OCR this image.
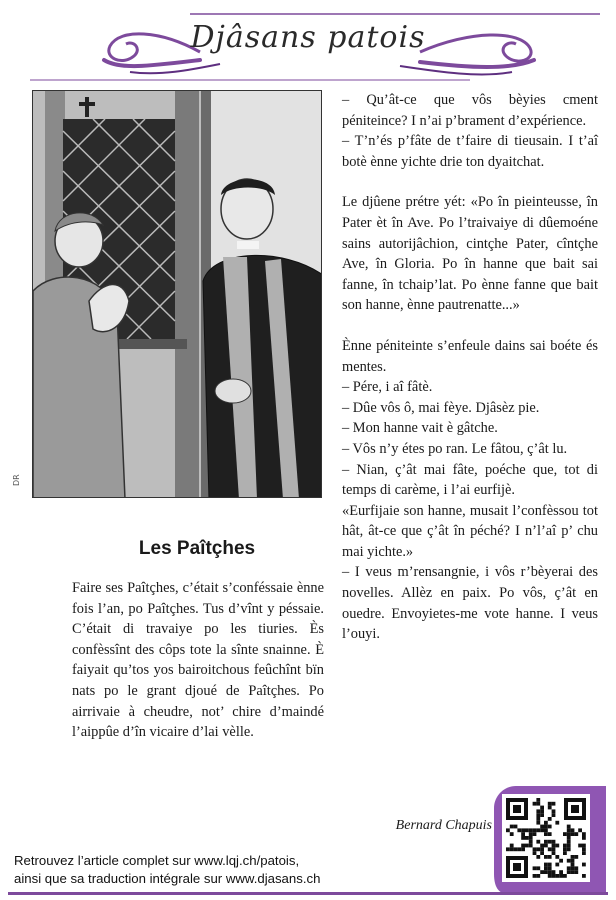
Djâsans patois
DR
Les Paîtçhes

Faire ses Paîtçhes, c’était s’conféssaie ènne fois l’an, po Paîtçhes. Tus d’vînt y péssaie. C’était di travaiye po les tiuries. Ès confèssînt des côps tote la sînte snainne. È faiyait qu’tos yos bairoitchous feûchînt bïn nats po le grant djoué de Paîtçhes. Po airrivaie à cheudre, not’ chire d’maindé l’aippûe d’în vicaire d’lai vèlle.

– Qu’ât-ce que vôs bèyies cment péniteince? I n’ai p’brament d’expérience.

– T’n’és p’fâte de t’faire di tieusain. I t’aî botè ènne yichte drie ton dyaitchat.

Le djûene prétre yét: «Po în pieinteusse, în Pater èt în Ave. Po l’traivaiye di dûemoéne sains autorijâchion, cintçhe Pater, cîntçhe Ave, în Gloria. Po în hanne que bait sai fanne, în tchaip’lat. Po ènne fanne que bait son hanne, ènne pautrenatte...»

Ènne péniteinte s’enfeule dains sai boéte és mentes.

– Pére, i aî fâtè.

– Dûe vôs ô, mai fèye. Djâsèz pie.

– Mon hanne vait è gâtche.

– Vôs n’y étes po ran. Le fâtou, ç’ât lu.

– Nian, ç’ât mai fâte, poéche que, tot di temps di carème, i l’ai eurfijè.

«Eurfijaie son hanne, musait l’confèssou tot hât, ât-ce que ç’ât în péché? I n’l’aî p’ chu mai yichte.»

– I veus m’rensangnie, i vôs r’bèyerai des novelles. Allèz en paix. Po vôs, ç’ât en ouedre. Envoyietes-me vote hanne. I veus l’ouyi.

Bernard Chapuis
Retrouvez l’article complet sur www.lqj.ch/patois,
ainsi que sa traduction intégrale sur www.djasans.ch
